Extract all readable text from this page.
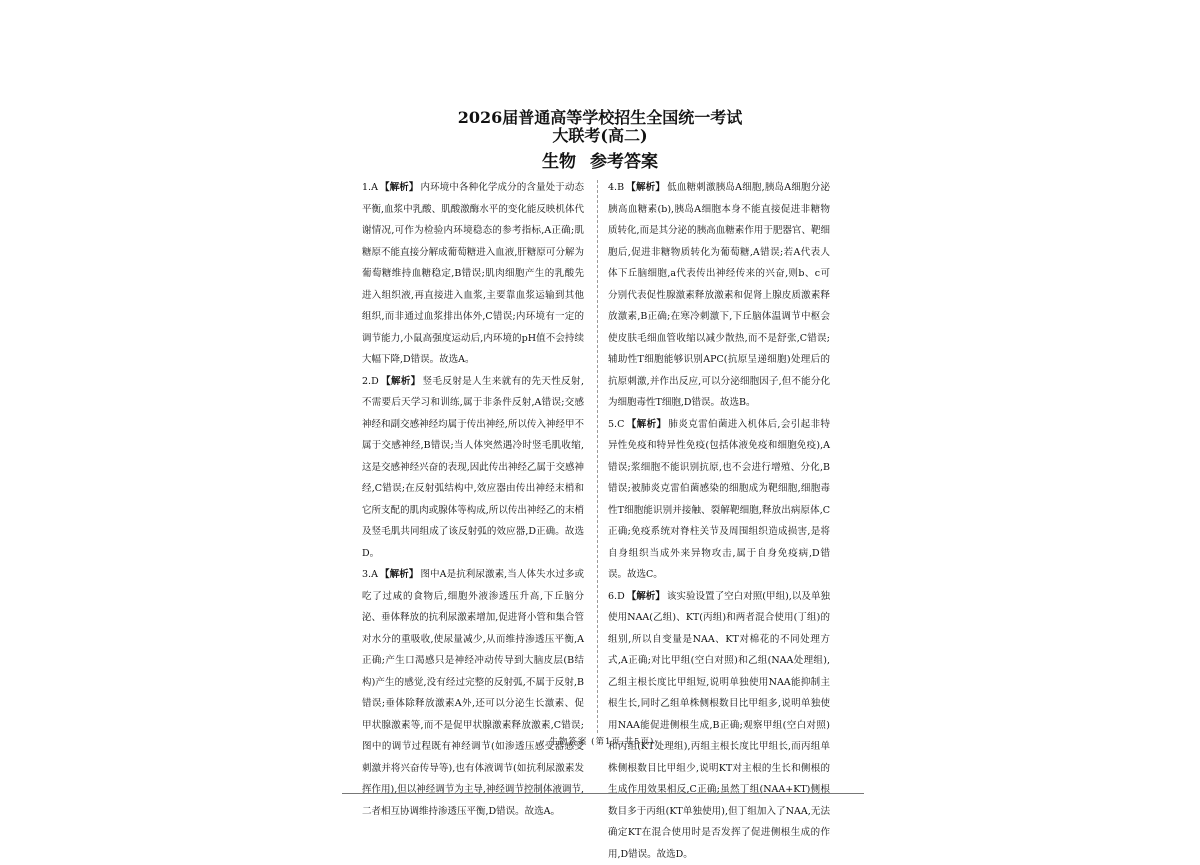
2026届普通高等学校招生全国统一考试
大联考(高二)
生物 参考答案
1.A 【解析】 内环境中各种化学成分的含量处于动态平衡,血浆中乳酸、肌酸激酶水平的变化能反映机体代谢情况,可作为检验内环境稳态的参考指标,A正确;肌糖原不能直接分解成葡萄糖进入血液,肝糖原可分解为葡萄糖维持血糖稳定,B错误;肌肉细胞产生的乳酸先进入组织液,再直接进入血浆,主要靠血浆运输到其他组织,而非通过血浆排出体外,C错误;内环境有一定的调节能力,小鼠高强度运动后,内环境的pH值不会持续大幅下降,D错误。故选A。
2.D 【解析】 竖毛反射是人生来就有的先天性反射,不需要后天学习和训练,属于非条件反射,A错误;交感神经和副交感神经均属于传出神经,所以传入神经甲不属于交感神经,B错误;当人体突然遇冷时竖毛肌收缩,这是交感神经兴奋的表现,因此传出神经乙属于交感神经,C错误;在反射弧结构中,效应器由传出神经末梢和它所支配的肌肉或腺体等构成,所以传出神经乙的末梢及竖毛肌共同组成了该反射弧的效应器,D正确。故选D。
3.A 【解析】 图中A是抗利尿激素,当人体失水过多或吃了过咸的食物后,细胞外液渗透压升高,下丘脑分泌、垂体释放的抗利尿激素增加,促进肾小管和集合管对水分的重吸收,使尿量减少,从而维持渗透压平衡,A正确;产生口渴感只是神经冲动传导到大脑皮层(B结构)产生的感觉,没有经过完整的反射弧,不属于反射,B错误;垂体除释放激素A外,还可以分泌生长激素、促甲状腺激素等,而不是促甲状腺激素释放激素,C错误;图中的调节过程既有神经调节(如渗透压感受器感受刺激并将兴奋传导等),也有体液调节(如抗利尿激素发挥作用),但以神经调节为主导,神经调节控制体液调节,二者相互协调维持渗透压平衡,D错误。故选A。
4.B 【解析】 低血糖刺激胰岛A细胞,胰岛A细胞分泌胰高血糖素(b),胰岛A细胞本身不能直接促进非糖物质转化,而是其分泌的胰高血糖素作用于肥器官、靶细胞后,促进非糖物质转化为葡萄糖,A错误;若A代表人体下丘脑细胞,a代表传出神经传来的兴奋,则b、c可分别代表促性腺激素释放激素和促肾上腺皮质激素释放激素,B正确;在寒冷刺激下,下丘脑体温调节中枢会使皮肤毛细血管收缩以减少散热,而不是舒张,C错误;辅助性T细胞能够识别APC(抗原呈递细胞)处理后的抗原刺激,并作出反应,可以分泌细胞因子,但不能分化为细胞毒性T细胞,D错误。故选B。
5.C 【解析】 肺炎克雷伯菌进入机体后,会引起非特异性免疫和特异性免疫(包括体液免疫和细胞免疫),A错误;浆细胞不能识别抗原,也不会进行增殖、分化,B错误;被肺炎克雷伯菌感染的细胞成为靶细胞,细胞毒性T细胞能识别并接触、裂解靶细胞,释放出病原体,C正确;免疫系统对脊柱关节及周围组织造成损害,是将自身组织当成外来异物攻击,属于自身免疫病,D错误。故选C。
6.D 【解析】 该实验设置了空白对照(甲组),以及单独使用NAA(乙组)、KT(丙组)和两者混合使用(丁组)的组别,所以自变量是NAA、KT对棉花的不同处理方式,A正确;对比甲组(空白对照)和乙组(NAA处理组),乙组主根长度比甲组短,说明单独使用NAA能抑制主根生长,同时乙组单株侧根数目比甲组多,说明单独使用NAA能促进侧根生成,B正确;观察甲组(空白对照)和丙组(KT处理组),丙组主根长度比甲组长,而丙组单株侧根数目比甲组少,说明KT对主根的生长和侧根的生成作用效果相反,C正确;虽然丁组(NAA+KT)侧根数目多于丙组(KT单独使用),但丁组加入了NAA,无法确定KT在混合使用时是否发挥了促进侧根生成的作用,D错误。故选D。
· 生物答案 (第1页,共5页)·
